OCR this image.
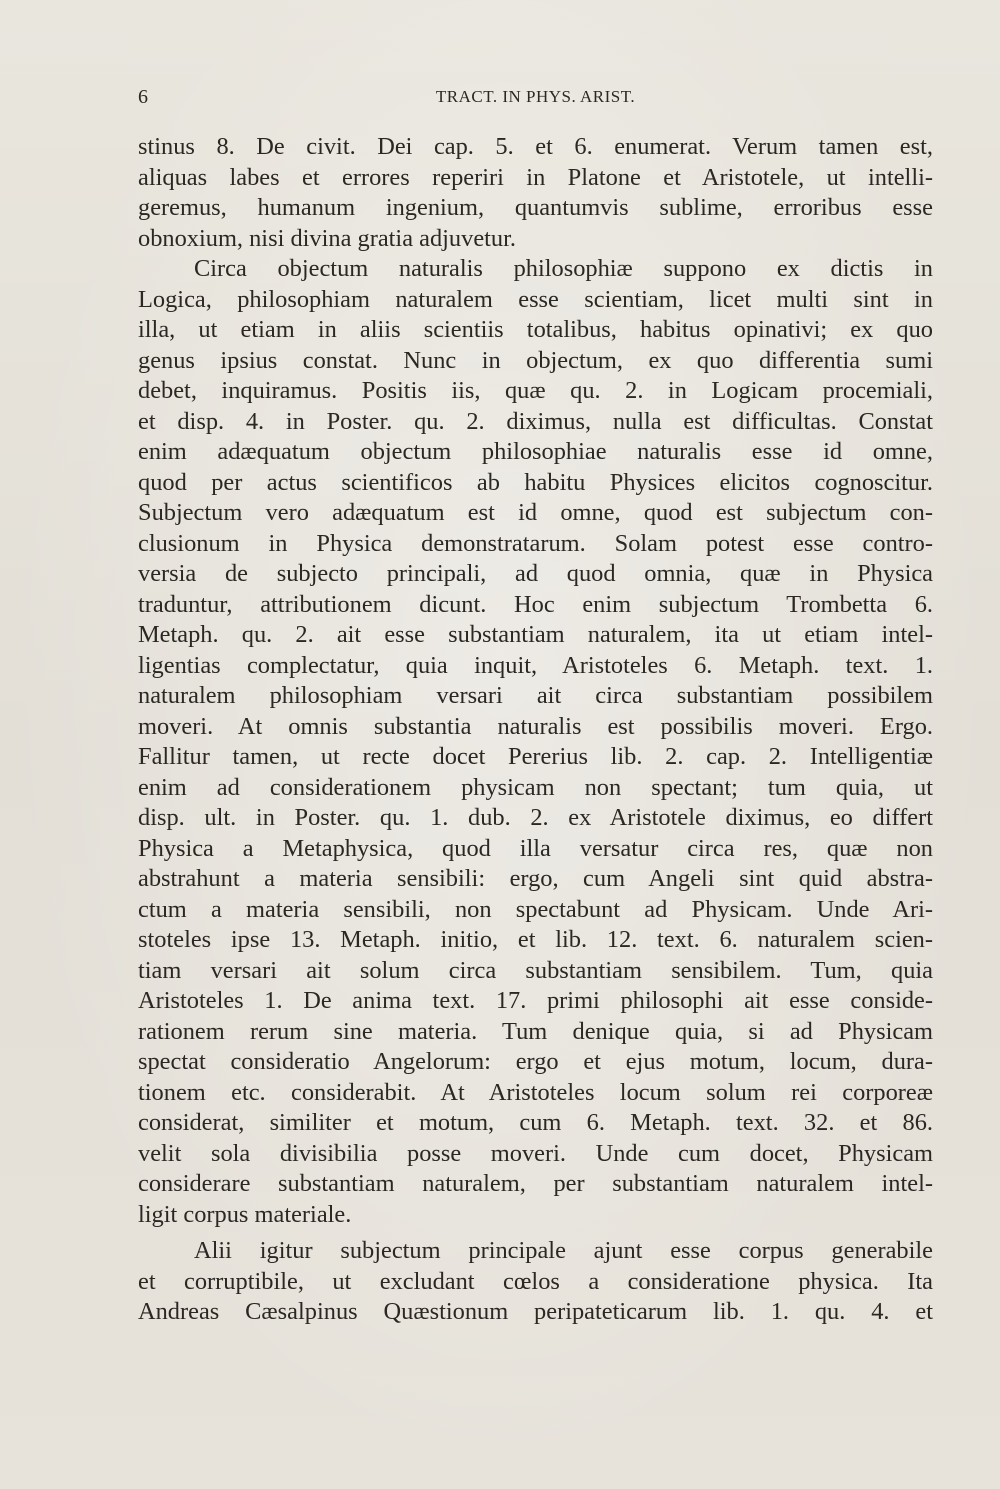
6	TRACT. IN PHYS. ARIST.
stinus 8. De civit. Dei cap. 5. et 6. enumerat. Verum tamen est,
aliquas labes et errores reperiri in Platone et Aristotele, ut intelli-
geremus, humanum ingenium, quantumvis sublime, erroribus esse
obnoxium, nisi divina gratia adjuvetur.
Circa objectum naturalis philosophiæ suppono ex dictis in
Logica, philosophiam naturalem esse scientiam, licet multi sint in
illa, ut etiam in aliis scientiis totalibus, habitus opinativi; ex quo
genus ipsius constat. Nunc in objectum, ex quo differentia sumi
debet, inquiramus. Positis iis, quæ qu. 2. in Logicam procemiali,
et disp. 4. in Poster. qu. 2. diximus, nulla est difficultas. Constat
enim adæquatum objectum philosophiae naturalis esse id omne,
quod per actus scientificos ab habitu Physices elicitos cognoscitur.
Subjectum vero adæquatum est id omne, quod est subjectum con-
clusionum in Physica demonstratarum. Solam potest esse contro-
versia de subjecto principali, ad quod omnia, quæ in Physica
traduntur, attributionem dicunt. Hoc enim subjectum Trombetta 6.
Metaph. qu. 2. ait esse substantiam naturalem, ita ut etiam intel-
ligentias complectatur, quia inquit, Aristoteles 6. Metaph. text. 1.
naturalem philosophiam versari ait circa substantiam possibilem
moveri. At omnis substantia naturalis est possibilis moveri. Ergo.
Fallitur tamen, ut recte docet Pererius lib. 2. cap. 2. Intelligentiæ
enim ad considerationem physicam non spectant; tum quia, ut
disp. ult. in Poster. qu. 1. dub. 2. ex Aristotele diximus, eo differt
Physica a Metaphysica, quod illa versatur circa res, quæ non
abstrahunt a materia sensibili: ergo, cum Angeli sint quid abstra-
ctum a materia sensibili, non spectabunt ad Physicam. Unde Ari-
stoteles ipse 13. Metaph. initio, et lib. 12. text. 6. naturalem scien-
tiam versari ait solum circa substantiam sensibilem. Tum, quia
Aristoteles 1. De anima text. 17. primi philosophi ait esse conside-
rationem rerum sine materia. Tum denique quia, si ad Physicam
spectat consideratio Angelorum: ergo et ejus motum, locum, dura-
tionem etc. considerabit. At Aristoteles locum solum rei corporeæ
considerat, similiter et motum, cum 6. Metaph. text. 32. et 86.
velit sola divisibilia posse moveri. Unde cum docet, Physicam
considerare substantiam naturalem, per substantiam naturalem intel-
ligit corpus materiale.
Alii igitur subjectum principale ajunt esse corpus generabile
et corruptibile, ut excludant cœlos a consideratione physica. Ita
Andreas Cæsalpinus Quæstionum peripateticarum lib. 1. qu. 4. et
